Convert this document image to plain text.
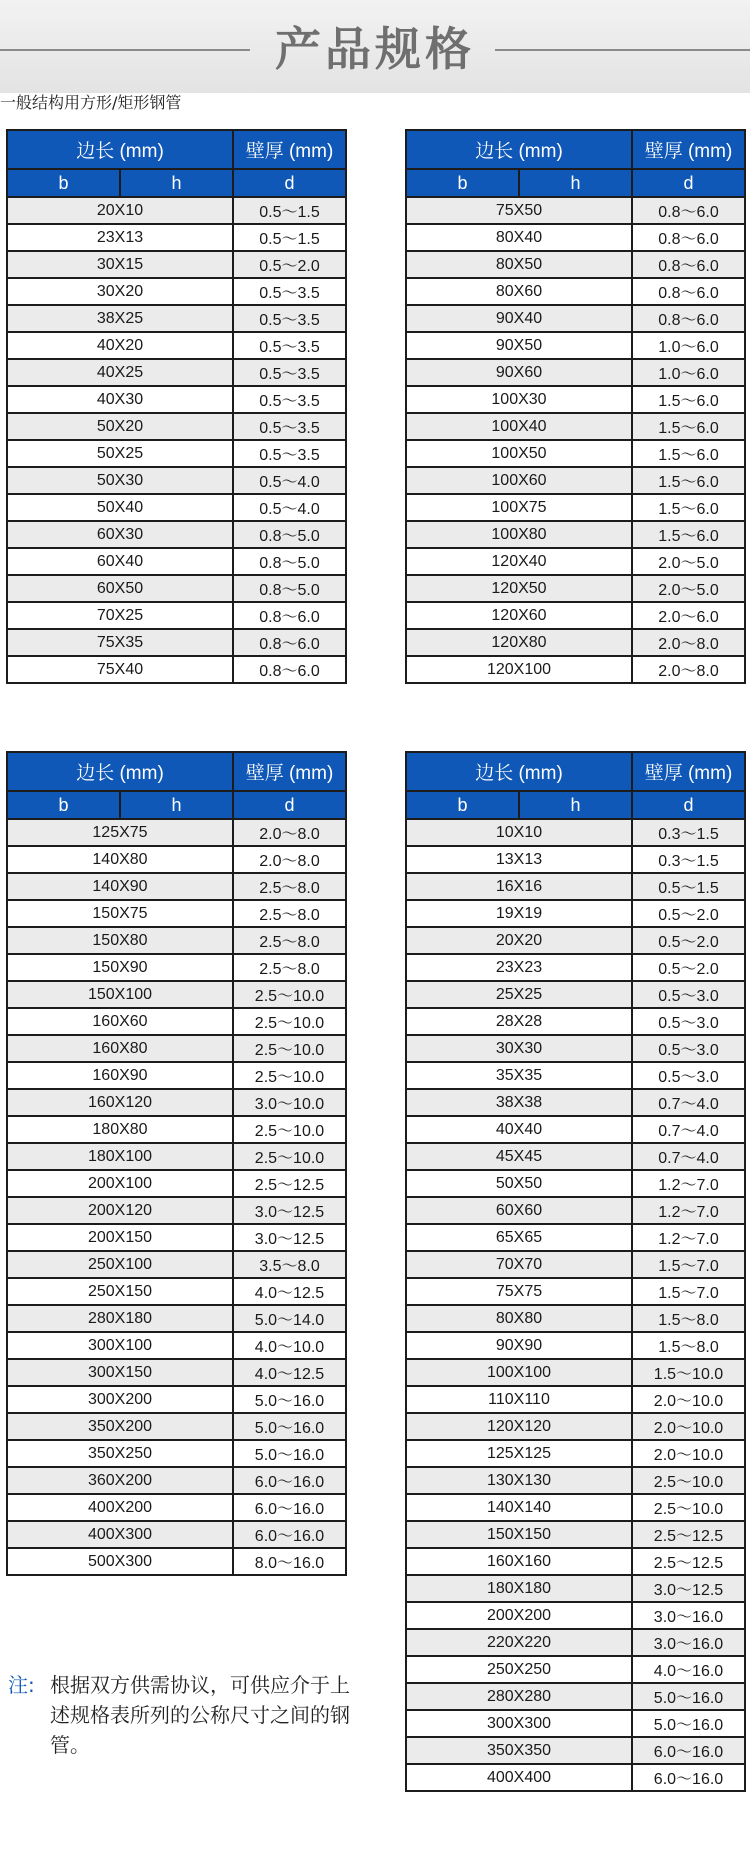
产品规格
一般结构用方形/矩形钢管
边长 (mm)		壁厚 (mm)
b	h	d
20X10		0.5～1.5
23X13		0.5～1.5
30X15		0.5～2.0
30X20		0.5～3.5
38X25		0.5～3.5
40X20		0.5～3.5
40X25		0.5～3.5
40X30		0.5～3.5
50X20		0.5～3.5
50X25		0.5～3.5
50X30		0.5～4.0
50X40		0.5～4.0
60X30		0.8～5.0
60X40		0.8～5.0
60X50		0.8～5.0
70X25		0.8～6.0
75X35		0.8～6.0
75X40		0.8～6.0
边长 (mm)		壁厚 (mm)
b	h	d
75X50		0.8～6.0
80X40		0.8～6.0
80X50		0.8～6.0
80X60		0.8～6.0
90X40		0.8～6.0
90X50		1.0～6.0
90X60		1.0～6.0
100X30		1.5～6.0
100X40		1.5～6.0
100X50		1.5～6.0
100X60		1.5～6.0
100X75		1.5～6.0
100X80		1.5～6.0
120X40		2.0～5.0
120X50		2.0～5.0
120X60		2.0～6.0
120X80		2.0～8.0
120X100		2.0～8.0
边长 (mm)		壁厚 (mm)
b	h	d
125X75		2.0～8.0
140X80		2.0～8.0
140X90		2.5～8.0
150X75		2.5～8.0
150X80		2.5～8.0
150X90		2.5～8.0
150X100		2.5～10.0
160X60		2.5～10.0
160X80		2.5～10.0
160X90		2.5～10.0
160X120		3.0～10.0
180X80		2.5～10.0
180X100		2.5～10.0
200X100		2.5～12.5
200X120		3.0～12.5
200X150		3.0～12.5
250X100		3.5～8.0
250X150		4.0～12.5
280X180		5.0～14.0
300X100		4.0～10.0
300X150		4.0～12.5
300X200		5.0～16.0
350X200		5.0～16.0
350X250		5.0～16.0
360X200		6.0～16.0
400X200		6.0～16.0
400X300		6.0～16.0
500X300		8.0～16.0
边长 (mm)		壁厚 (mm)
b	h	d
10X10		0.3～1.5
13X13		0.3～1.5
16X16		0.5～1.5
19X19		0.5～2.0
20X20		0.5～2.0
23X23		0.5～2.0
25X25		0.5～3.0
28X28		0.5～3.0
30X30		0.5～3.0
35X35		0.5～3.0
38X38		0.7～4.0
40X40		0.7～4.0
45X45		0.7～4.0
50X50		1.2～7.0
60X60		1.2～7.0
65X65		1.2～7.0
70X70		1.5～7.0
75X75		1.5～7.0
80X80		1.5～8.0
90X90		1.5～8.0
100X100		1.5～10.0
110X110		2.0～10.0
120X120		2.0～10.0
125X125		2.0～10.0
130X130		2.5～10.0
140X140		2.5～10.0
150X150		2.5～12.5
160X160		2.5～12.5
180X180		3.0～12.5
200X200		3.0～16.0
220X220		3.0～16.0
250X250		4.0～16.0
280X280		5.0～16.0
300X300		5.0～16.0
350X350		6.0～16.0
400X400		6.0～16.0
注: 根据双方供需协议，可供应介于上述规格表所列的公称尺寸之间的钢管。
